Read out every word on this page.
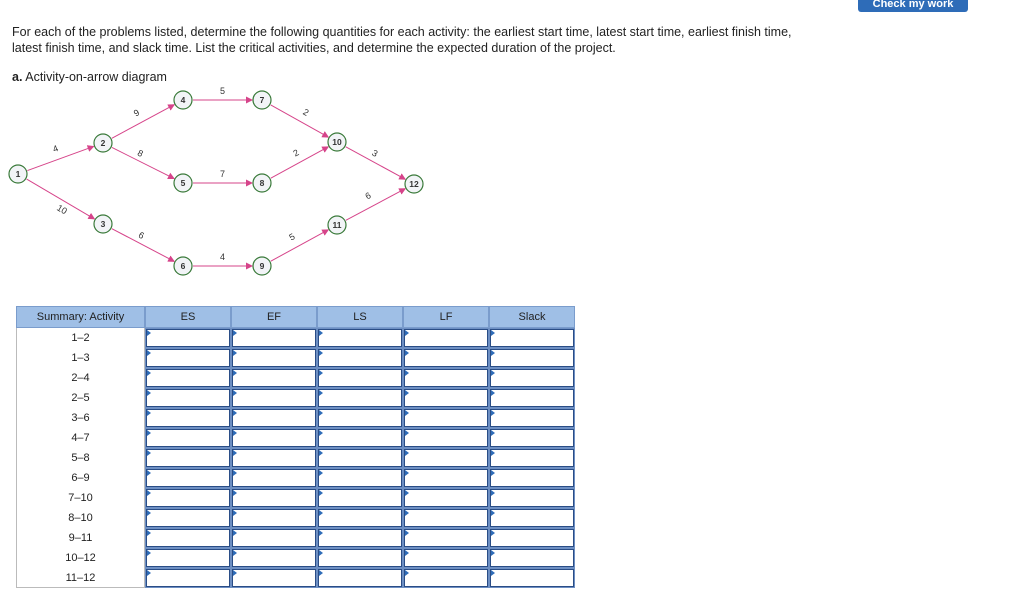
Check my work
For each of the problems listed, determine the following quantities for each activity: the earliest start time, latest start time, earliest finish time, latest finish time, and slack time. List the critical activities, and determine the expected duration of the project.
a. Activity-on-arrow diagram
4
10
9
8
6
5
7
4
2
2
5
3
6
1
2
3
4
5
6
7
8
9
10
11
12
Summary: Activity	ES	EF	LS	LF	Slack
1–2	

1–3	

2–4	

2–5	

3–6	

4–7	

5–8	

6–9	

7–10	

8–10	

9–11	

10–12	

11–12	
